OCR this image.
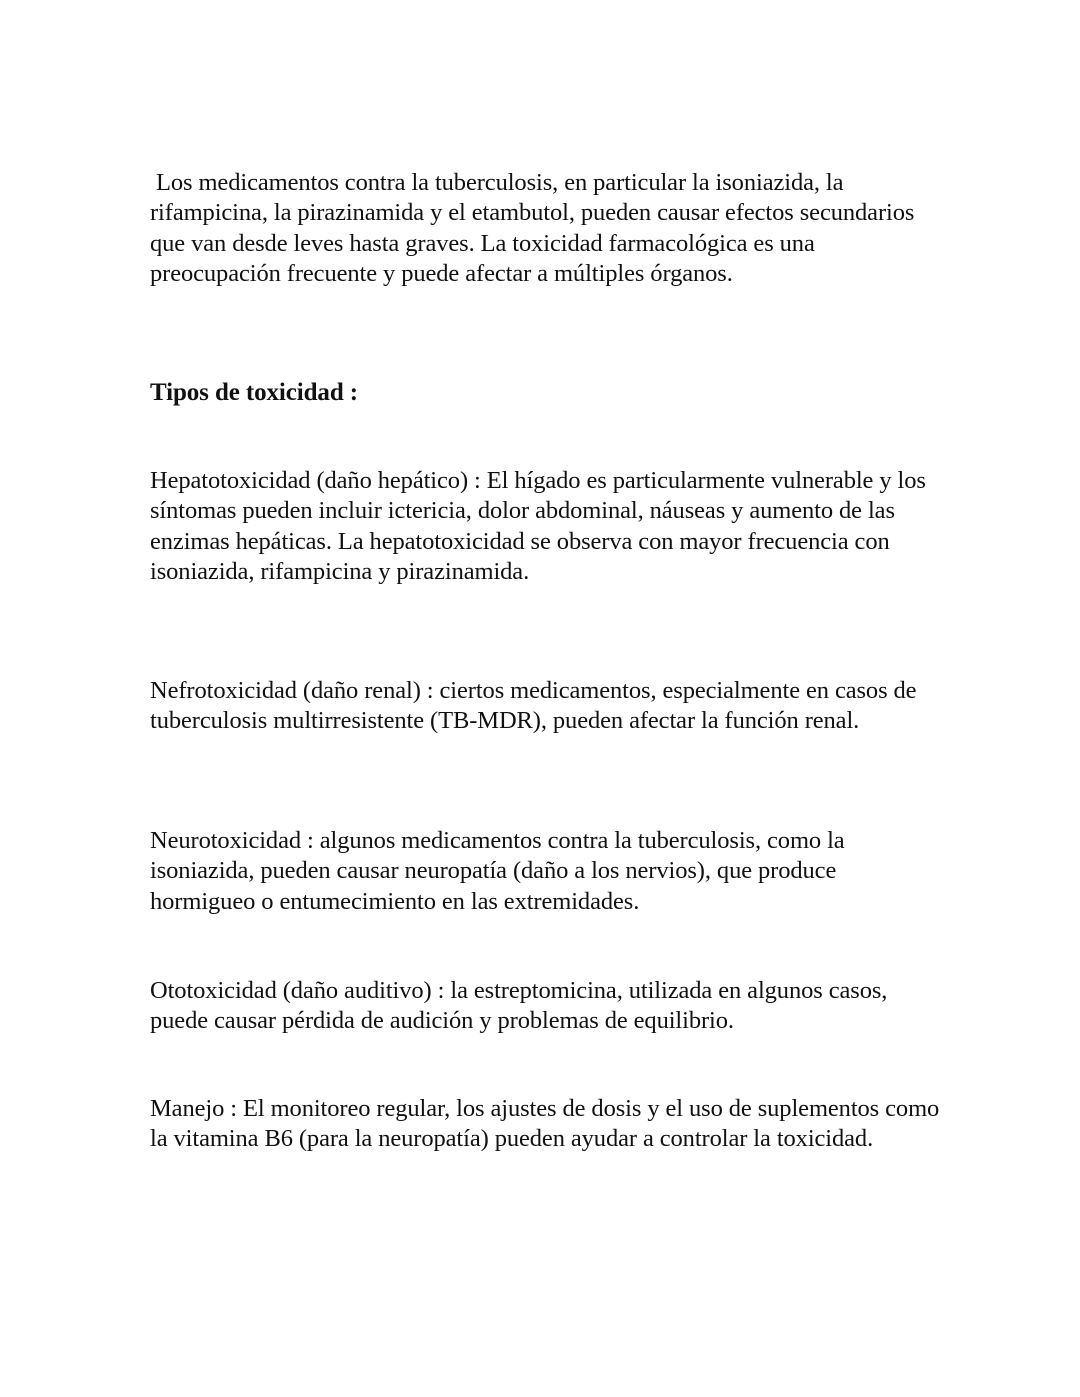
Los medicamentos contra la tuberculosis, en particular la isoniazida, la rifampicina, la pirazinamida y el etambutol, pueden causar efectos secundarios que van desde leves hasta graves. La toxicidad farmacológica es una preocupación frecuente y puede afectar a múltiples órganos.

Tipos de toxicidad :

Hepatotoxicidad (daño hepático) : El hígado es particularmente vulnerable y los síntomas pueden incluir ictericia, dolor abdominal, náuseas y aumento de las enzimas hepáticas. La hepatotoxicidad se observa con mayor frecuencia con isoniazida, rifampicina y pirazinamida.

Nefrotoxicidad (daño renal) : ciertos medicamentos, especialmente en casos de tuberculosis multirresistente (TB-MDR), pueden afectar la función renal.

Neurotoxicidad : algunos medicamentos contra la tuberculosis, como la isoniazida, pueden causar neuropatía (daño a los nervios), que produce hormigueo o entumecimiento en las extremidades.

Ototoxicidad (daño auditivo) : la estreptomicina, utilizada en algunos casos, puede causar pérdida de audición y problemas de equilibrio.

Manejo : El monitoreo regular, los ajustes de dosis y el uso de suplementos como la vitamina B6 (para la neuropatía) pueden ayudar a controlar la toxicidad.
